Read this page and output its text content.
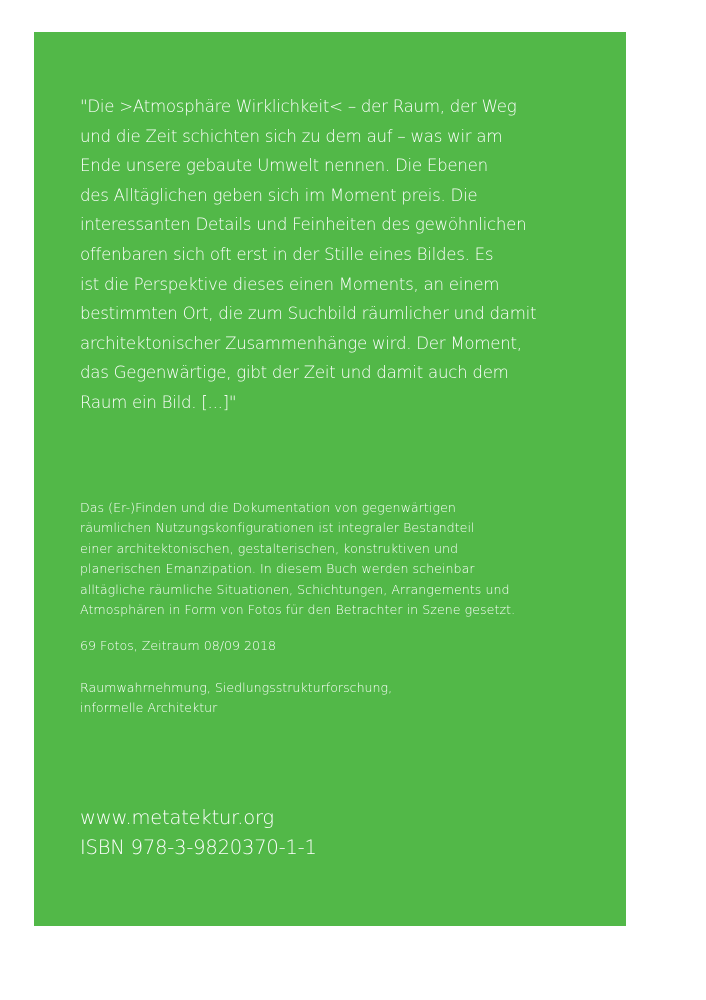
"Die >Atmosphäre Wirklichkeit< – der Raum, der Weg
und die Zeit schichten sich zu dem auf – was wir am
Ende unsere gebaute Umwelt nennen. Die Ebenen
des Alltäglichen geben sich im Moment preis. Die
interessanten Details und Feinheiten des gewöhnlichen
offenbaren sich oft erst in der Stille eines Bildes. Es
ist die Perspektive dieses einen Moments, an einem
bestimmten Ort, die zum Suchbild räumlicher und damit
architektonischer Zusammenhänge wird. Der Moment,
das Gegenwärtige, gibt der Zeit und damit auch dem
Raum ein Bild. [...]"

Das (Er-)Finden und die Dokumentation von gegenwärtigen
räumlichen Nutzungskonfigurationen ist integraler Bestandteil
einer architektonischen, gestalterischen, konstruktiven und
planerischen Emanzipation. In diesem Buch werden scheinbar
alltägliche räumliche Situationen, Schichtungen, Arrangements und
Atmosphären in Form von Fotos für den Betrachter in Szene gesetzt.

69 Fotos, Zeitraum 08/09 2018

Raumwahrnehmung, Siedlungsstrukturforschung,
informelle Architektur

www.metatektur.org
ISBN 978-3-9820370-1-1
